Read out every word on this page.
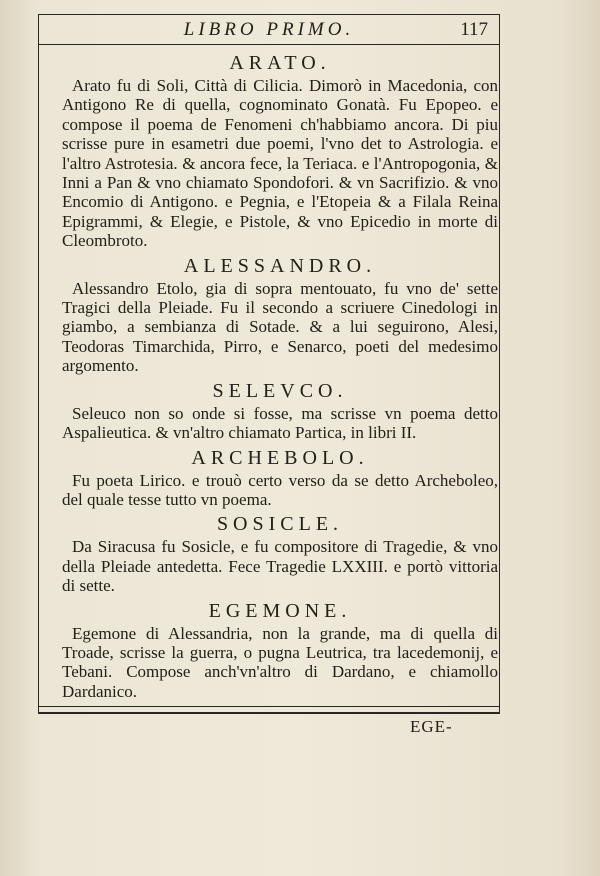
LIBRO PRIMO.	117
ARATO.

Arato fu di Soli, Città di Cilicia. Dimorò in Macedonia, con Antigono Re di quella, cognominato Gonatà. Fu Epopeo. e compose il poema de Fenomeni ch'habbiamo ancora. Di piu scrisse pure in esametri due poemi, l'vno det to Astrologia. e l'altro Astrotesia. & ancora fece, la Teriaca. e l'Antropogonia, & Inni a Pan & vno chiamato Spondofori. & vn Sacrifizio. & vno Encomio di Antigono. e Pegnia, e l'Etopeia & a Filala Reina Epigrammi, & Elegie, e Pistole, & vno Epicedio in morte di Cleombroto.

ALESSANDRO.

Alessandro Etolo, gia di sopra mentouato, fu vno de' sette Tragici della Pleiade. Fu il secondo a scriuere Cinedologi in giambo, a sembianza di Sotade. & a lui seguirono, Alesi, Teodoras Timarchida, Pirro, e Senarco, poeti del medesimo argomento.

SELEVCO.

Seleuco non so onde si fosse, ma scrisse vn poema detto Aspalieutica. & vn'altro chiamato Partica, in libri II.

ARCHEBOLO.

Fu poeta Lirico. e trouò certo verso da se detto Archeboleo, del quale tesse tutto vn poema.

SOSICLE.

Da Siracusa fu Sosicle, e fu compositore di Tragedie, & vno della Pleiade antedetta. Fece Tragedie LXXIII. e portò vittoria di sette.

EGEMONE.

Egemone di Alessandria, non la grande, ma di quella di Troade, scrisse la guerra, o pugna Leutrica, tra lacedemonij, e Tebani. Compose anch'vn'altro di Dardano, e chiamollo Dardanico.

EGE-
